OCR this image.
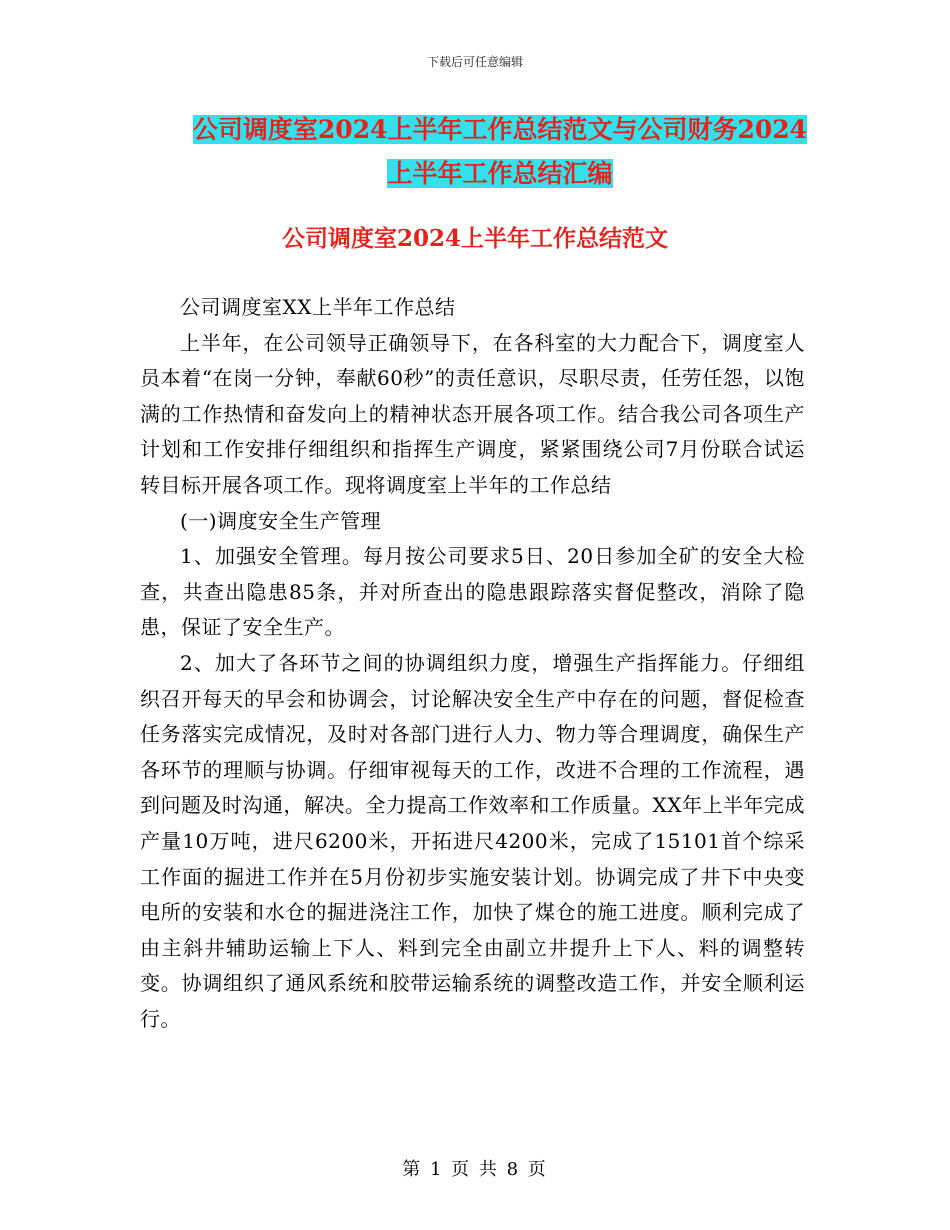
下载后可任意编辑
公司调度室2024上半年工作总结范文与公司财务2024
上半年工作总结汇编
公司调度室2024上半年工作总结范文

公司调度室XX上半年工作总结

上半年，在公司领导正确领导下，在各科室的大力配合下，调度室人员本着“在岗一分钟，奉献60秒”的责任意识，尽职尽责，任劳任怨，以饱满的工作热情和奋发向上的精神状态开展各项工作。结合我公司各项生产计划和工作安排仔细组织和指挥生产调度，紧紧围绕公司7月份联合试运转目标开展各项工作。现将调度室上半年的工作总结

(一)调度安全生产管理

1、加强安全管理。每月按公司要求5日、20日参加全矿的安全大检查，共查出隐患85条，并对所查出的隐患跟踪落实督促整改，消除了隐患，保证了安全生产。

2、加大了各环节之间的协调组织力度，增强生产指挥能力。仔细组织召开每天的早会和协调会，讨论解决安全生产中存在的问题，督促检查任务落实完成情况，及时对各部门进行人力、物力等合理调度，确保生产各环节的理顺与协调。仔细审视每天的工作，改进不合理的工作流程，遇到问题及时沟通，解决。全力提高工作效率和工作质量。XX年上半年完成产量10万吨，进尺6200米，开拓进尺4200米，完成了15101首个综采工作面的掘进工作并在5月份初步实施安装计划。协调完成了井下中央变电所的安装和水仓的掘进浇注工作，加快了煤仓的施工进度。顺利完成了由主斜井辅助运输上下人、料到完全由副立井提升上下人、料的调整转变。协调组织了通风系统和胶带运输系统的调整改造工作，并安全顺利运行。

第 1 页 共 8 页
